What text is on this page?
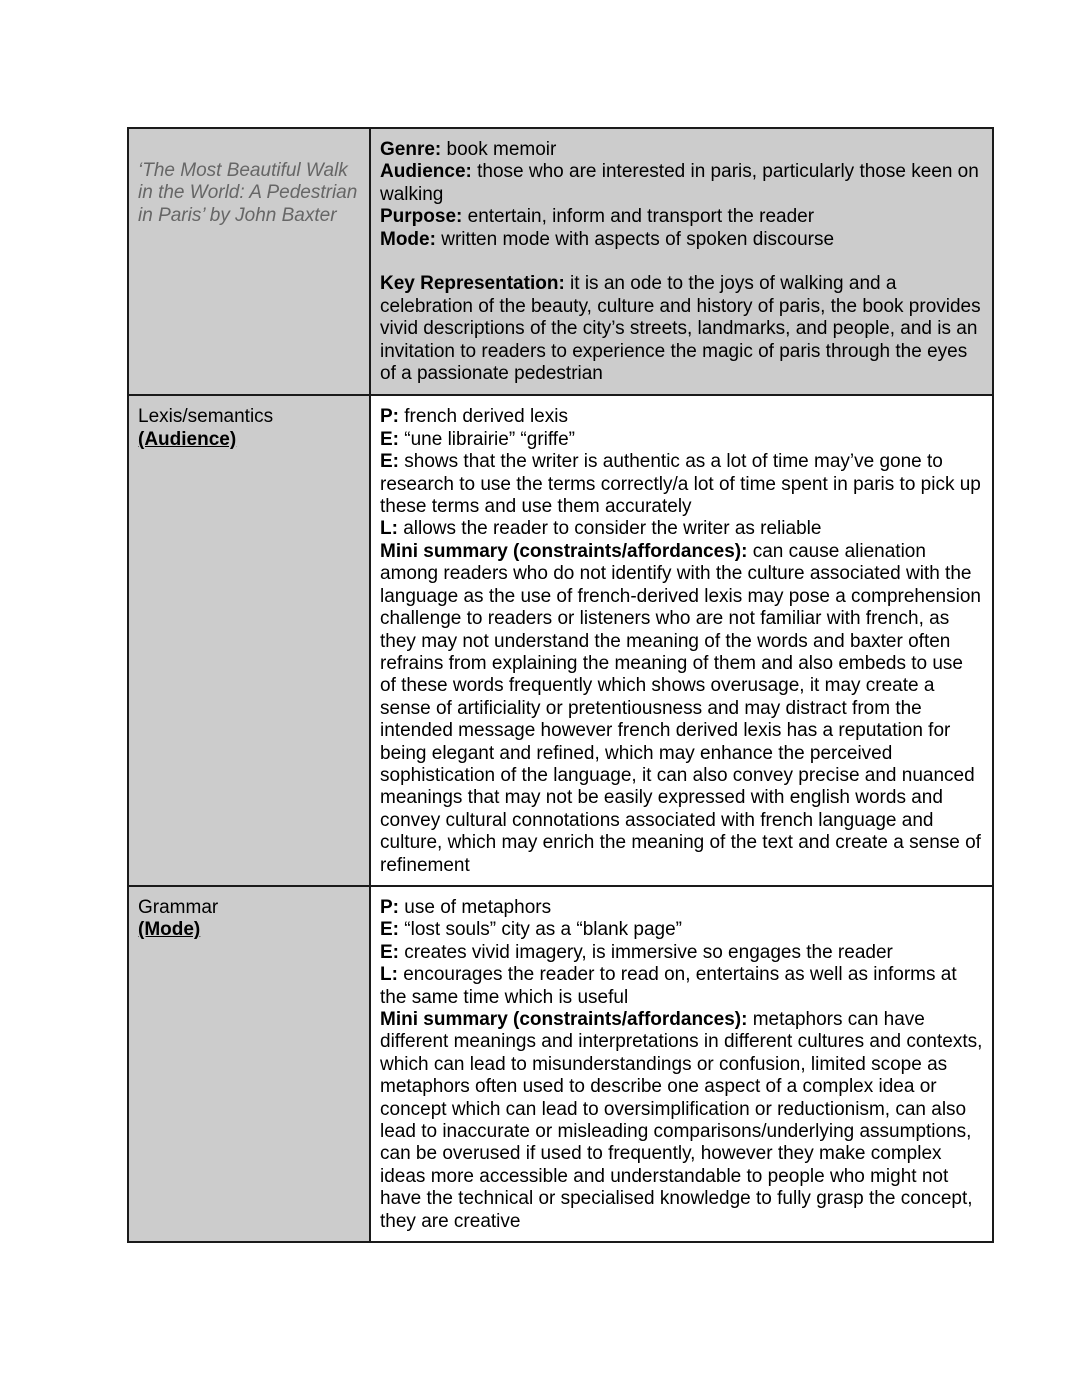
‘The Most Beautiful Walk in the World: A Pedestrian in Paris’ by John Baxter	Genre: book memoir
Audience: those who are interested in paris, particularly those keen on walking
Purpose: entertain, inform and transport the reader
Mode: written mode with aspects of spoken discourse
Key Representation: it is an ode to the joys of walking and a celebration of the beauty, culture and history of paris, the book provides vivid descriptions of the city’s streets, landmarks, and people, and is an invitation to readers to experience the magic of paris through the eyes of a passionate pedestrian

Lexis/semantics
(Audience)	P: french derived lexis
E: “une librairie” “griffe”
E: shows that the writer is authentic as a lot of time may’ve gone to research to use the terms correctly/a lot of time spent in paris to pick up these terms and use them accurately
L: allows the reader to consider the writer as reliable
Mini summary (constraints/affordances): can cause alienation among readers who do not identify with the culture associated with the language as the use of french-derived lexis may pose a comprehension challenge to readers or listeners who are not familiar with french, as they may not understand the meaning of the words and baxter often refrains from explaining the meaning of them and also embeds to use of these words frequently which shows overusage, it may create a sense of artificiality or pretentiousness and may distract from the intended message however french derived lexis has a reputation for being elegant and refined, which may enhance the perceived sophistication of the language, it can also convey precise and nuanced meanings that may not be easily expressed with english words and convey cultural connotations associated with french language and culture, which may enrich the meaning of the text and create a sense of refinement

Grammar
(Mode)	P: use of metaphors
E: “lost souls” city as a “blank page”
E: creates vivid imagery, is immersive so engages the reader
L: encourages the reader to read on, entertains as well as informs at the same time which is useful
Mini summary (constraints/affordances): metaphors can have different meanings and interpretations in different cultures and contexts, which can lead to misunderstandings or confusion, limited scope as metaphors often used to describe one aspect of a complex idea or concept which can lead to oversimplification or reductionism, can also lead to inaccurate or misleading comparisons/underlying assumptions, can be overused if used to frequently, however they make complex ideas more accessible and understandable to people who might not have the technical or specialised knowledge to fully grasp the concept, they are creative
